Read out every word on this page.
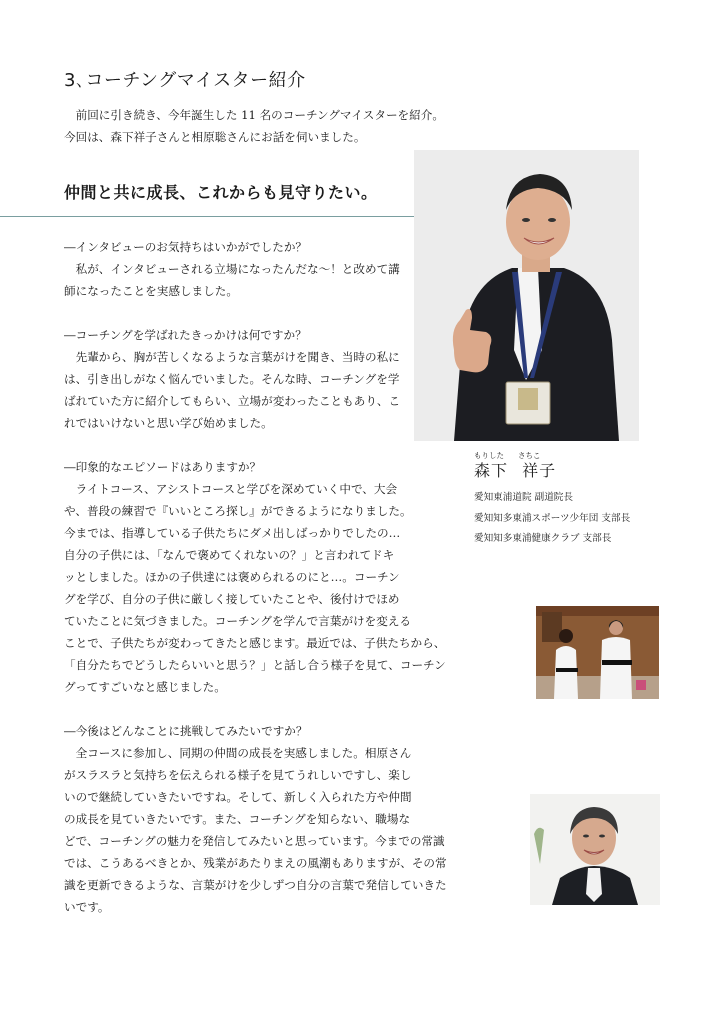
3､コーチングマイスター紹介

前回に引き続き、今年誕生した 11 名のコーチングマイスターを紹介。

今回は、森下祥子さんと相原聡さんにお話を伺いました。

仲間と共に成長、これからも見守りたい。

―インタビューのお気持ちはいかがでしたか？

私が、インタビューされる立場になったんだな～！と改めて講

師になったことを実感しました。

―コーチングを学ばれたきっかけは何ですか？

先輩から、胸が苦しくなるような言葉がけを聞き、当時の私に

は、引き出しがなく悩んでいました。そんな時、コーチングを学

ばれていた方に紹介してもらい、立場が変わったこともあり、こ

れではいけないと思い学び始めました。

―印象的なエピソードはありますか？

ライトコース、アシストコースと学びを深めていく中で、大会

や、普段の練習で『いいところ探し』ができるようになりました。

今までは、指導している子供たちにダメ出しばっかりでしたの…

自分の子供には、「なんで褒めてくれないの？」と言われてドキ

ッとしました。ほかの子供達には褒められるのにと…。コーチン

グを学び、自分の子供に厳しく接していたことや、後付けでほめ

ていたことに気づきました。コーチングを学んで言葉がけを変える

ことで、子供たちが変わってきたと感じます。最近では、子供たちから、

「自分たちでどうしたらいいと思う？」と話し合う様子を見て、コーチン

グってすごいなと感じました。

―今後はどんなことに挑戦してみたいですか？

全コースに参加し、同期の仲間の成長を実感しました。相原さん

がスラスラと気持ちを伝えられる様子を見てうれしいですし、楽し

いので継続していきたいですね。そして、新しく入られた方や仲間

の成長を見ていきたいです。また、コーチングを知らない、職場な

どで、コーチングの魅力を発信してみたいと思っています。今までの常識

では、こうあるべきとか、残業があたりまえの風潮もありますが、その常

識を更新できるような、言葉がけを少しずつ自分の言葉で発信していきた

いです。

もりした さちこ
森下 祥子
愛知東浦道院 副道院長
愛知知多東浦スポーツ少年団 支部長
愛知知多東浦健康クラブ 支部長
